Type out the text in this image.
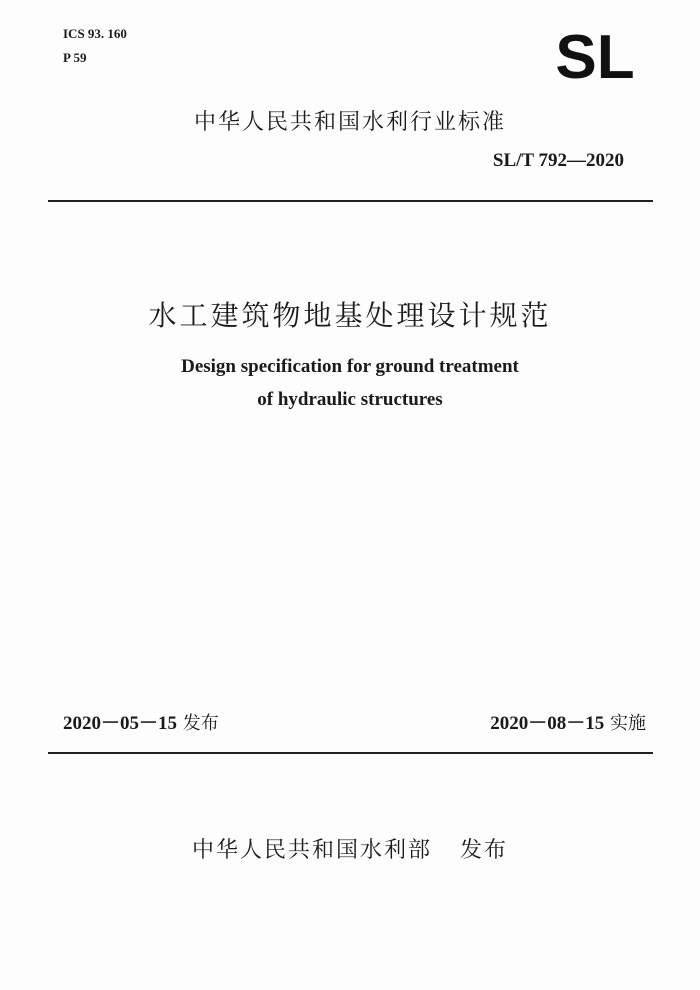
ICS 93. 160
P 59	SL
中华人民共和国水利行业标准
SL/T 792—2020
水工建筑物地基处理设计规范
Design specification for ground treatment
of hydraulic structures
2020－05－15 发布	2020－08－15 实施
中华人民共和国水利部 发布
